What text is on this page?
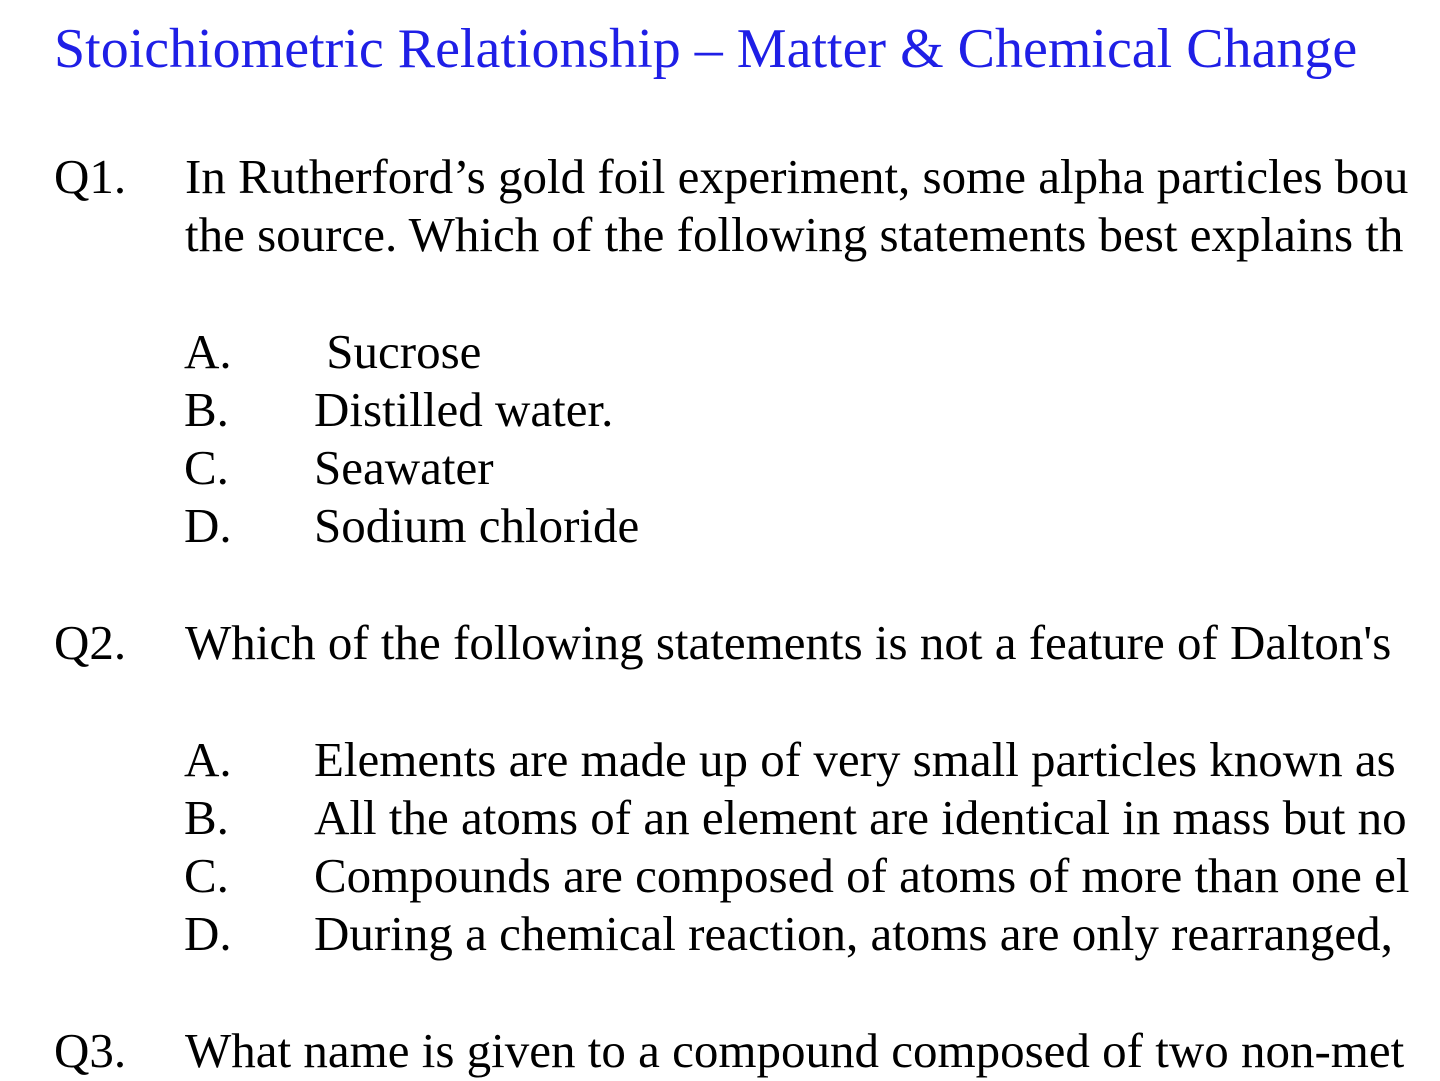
Stoichiometric Relationship – Matter & Chemical Change
Q1. In Rutherford’s gold foil experiment, some alpha particles bou
the source. Which of the following statements best explains th
A. Sucrose
B. Distilled water.
C. Seawater
D. Sodium chloride
Q2. Which of the following statements is not a feature of Dalton's
A. Elements are made up of very small particles known as
B. All the atoms of an element are identical in mass but no
C. Compounds are composed of atoms of more than one el
D. During a chemical reaction, atoms are only rearranged,
Q3. What name is given to a compound composed of two non-met
